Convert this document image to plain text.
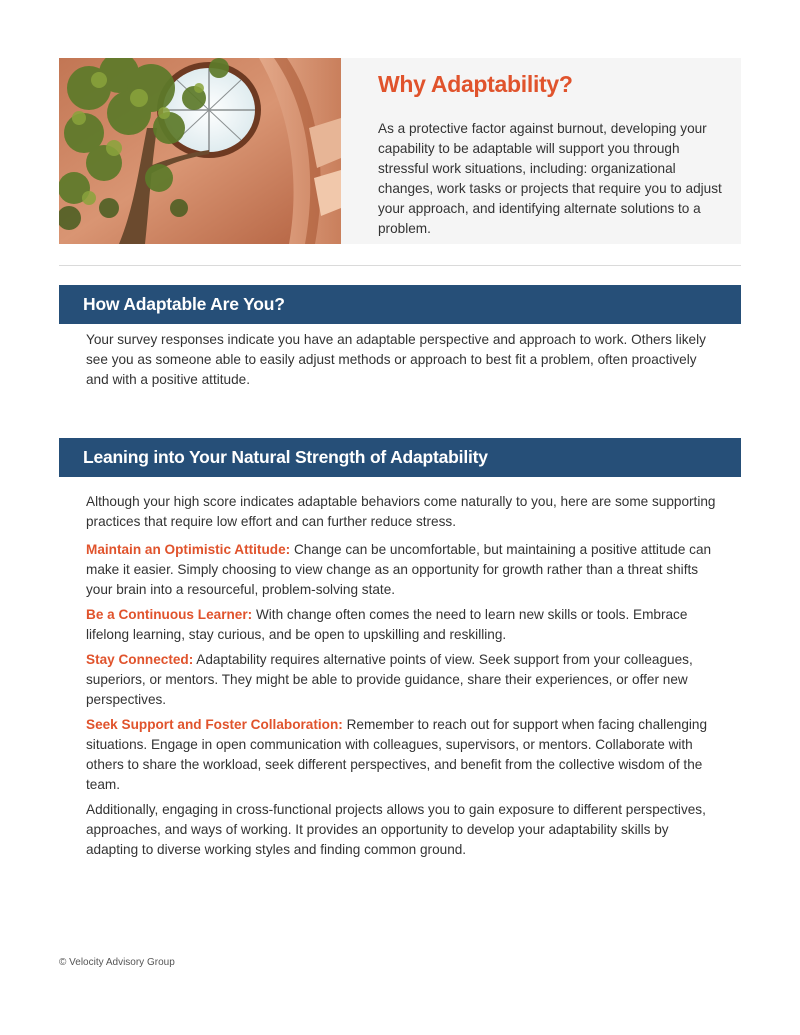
Why Adaptability?

As a protective factor against burnout, developing your capability to be adaptable will support you through stressful work situations, including: organizational changes, work tasks or projects that require you to adjust your approach, and identifying alternate solutions to a problem.

How Adaptable Are You?

Your survey responses indicate you have an adaptable perspective and approach to work. Others likely see you as someone able to easily adjust methods or approach to best fit a problem, often proactively and with a positive attitude.

Leaning into Your Natural Strength of Adaptability

Although your high score indicates adaptable behaviors come naturally to you, here are some supporting practices that require low effort and can further reduce stress.

Maintain an Optimistic Attitude: Change can be uncomfortable, but maintaining a positive attitude can make it easier. Simply choosing to view change as an opportunity for growth rather than a threat shifts your brain into a resourceful, problem-solving state.

Be a Continuous Learner: With change often comes the need to learn new skills or tools. Embrace lifelong learning, stay curious, and be open to upskilling and reskilling.

Stay Connected: Adaptability requires alternative points of view. Seek support from your colleagues, superiors, or mentors. They might be able to provide guidance, share their experiences, or offer new perspectives.

Seek Support and Foster Collaboration: Remember to reach out for support when facing challenging situations. Engage in open communication with colleagues, supervisors, or mentors. Collaborate with others to share the workload, seek different perspectives, and benefit from the collective wisdom of the team.

Additionally, engaging in cross-functional projects allows you to gain exposure to different perspectives, approaches, and ways of working. It provides an opportunity to develop your adaptability skills by adapting to diverse working styles and finding common ground.

© Velocity Advisory Group
